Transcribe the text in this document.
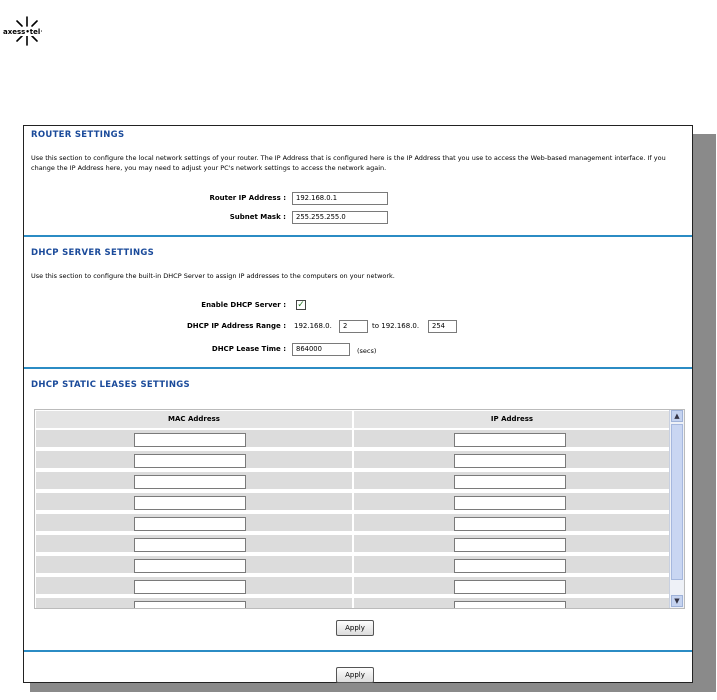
axess•tel
ROUTER SETTINGS
Use this section to configure the local network settings of your router. The IP Address that is configured here is the IP Address that you use to access the Web-based management interface. If you change the IP Address here, you may need to adjust your PC's network settings to access the network again.
Router IP Address :	192.168.0.1
Subnet Mask :	255.255.255.0
DHCP SERVER SETTINGS
Use this section to configure the built-in DHCP Server to assign IP addresses to the computers on your network.
Enable DHCP Server : ✓
DHCP IP Address Range : 192.168.0.	2	to 192.168.0.	254
DHCP Lease Time :	864000	(secs)
DHCP STATIC LEASES SETTINGS
MAC Address	IP Address	▲
▼
Apply
Apply
